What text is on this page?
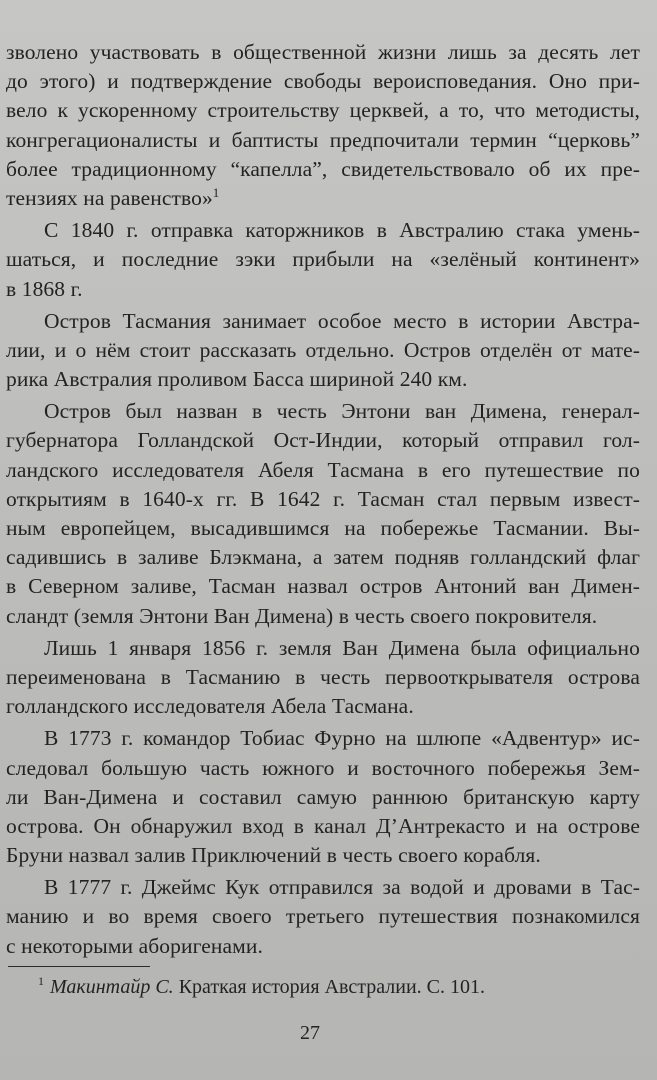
зволено участвовать в общественной жизни лишь за десять лет
до этого) и подтверждение свободы вероисповедания. Оно при-
вело к ускоренному строительству церквей, а то, что методисты,
конгрегационалисты и баптисты предпочитали термин “церковь”
более традиционному “капелла”, свидетельствовало об их пре-
тензиях на равенство»$^1$
С 1840 г. отправка каторжников в Австралию стака умень-
шаться, и последние зэки прибыли на «зелёный континент»
в 1868 г.
Остров Тасмания занимает особое место в истории Австра-
лии, и о нём стоит рассказать отдельно. Остров отделён от мате-
рика Австралия проливом Басса шириной 240 км.
Остров был назван в честь Энтони ван Димена, генерал-
губернатора Голландской Ост-Индии, который отправил гол-
ландского исследователя Абеля Тасмана в его путешествие по
открытиям в 1640-х гг. В 1642 г. Тасман стал первым извест-
ным европейцем, высадившимся на побережье Тасмании. Вы-
садившись в заливе Блэкмана, а затем подняв голландский флаг
в Северном заливе, Тасман назвал остров Антоний ван Димен-
сландт (земля Энтони Ван Димена) в честь своего покровителя.
Лишь 1 января 1856 г. земля Ван Димена была официально
переименована в Тасманию в честь первооткрывателя острова
голландского исследователя Абела Тасмана.
В 1773 г. командор Тобиас Фурно на шлюпе «Адвентур» ис-
следовал большую часть южного и восточного побережья Зем-
ли Ван-Димена и составил самую раннюю британскую карту
острова. Он обнаружил вход в канал Д’Антрекасто и на острове
Бруни назвал залив Приключений в честь своего корабля.
В 1777 г. Джеймс Кук отправился за водой и дровами в Тас-
манию и во время своего третьего путешествия познакомился
с некоторыми аборигенами.
$^1$ Макинтайр С. Краткая история Австралии. С. 101.
27
